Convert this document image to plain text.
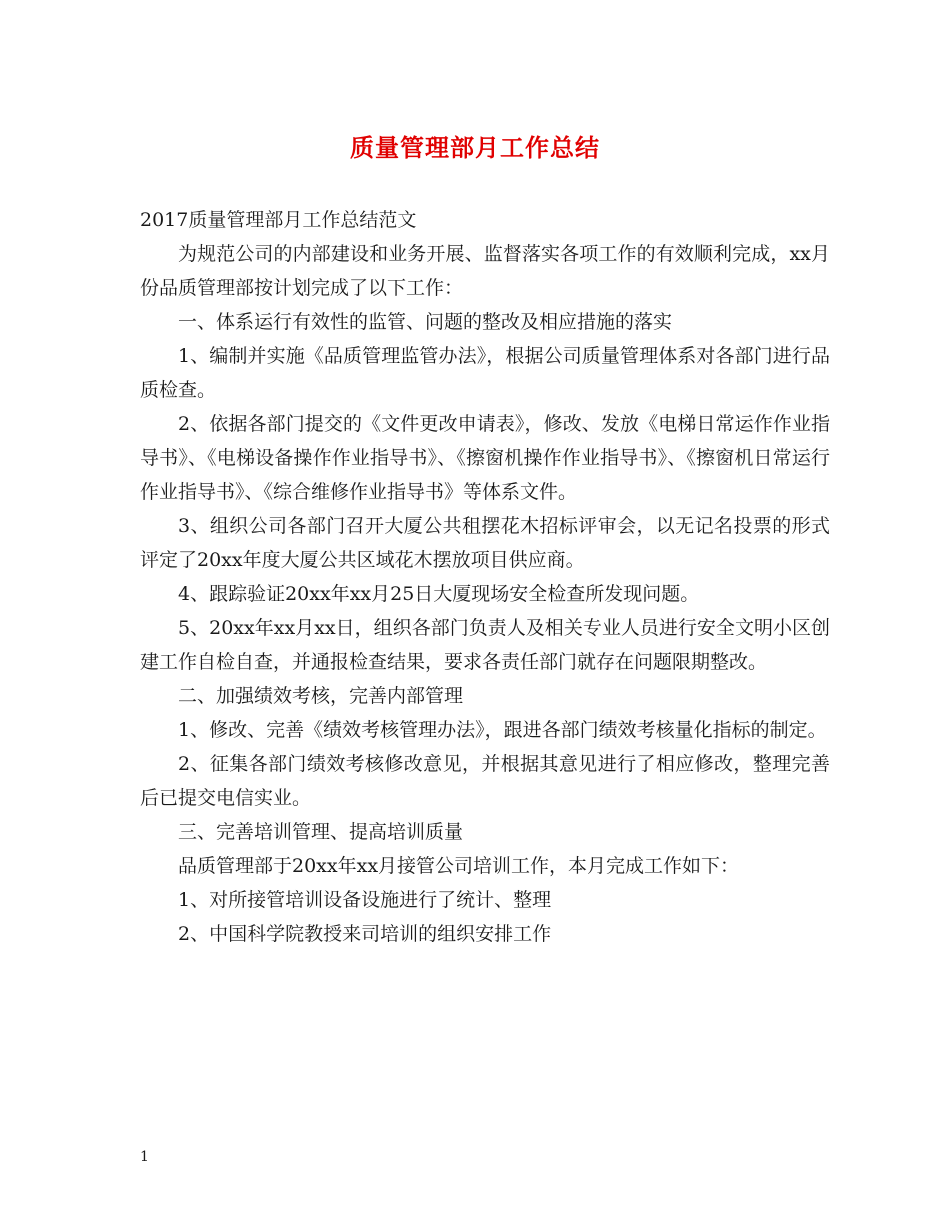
质量管理部月工作总结

2017质量管理部月工作总结范文

为规范公司的内部建设和业务开展、监督落实各项工作的有效顺利完成，xx月份品质管理部按计划完成了以下工作：

一、体系运行有效性的监管、问题的整改及相应措施的落实

1、编制并实施《品质管理监管办法》，根据公司质量管理体系对各部门进行品质检查。

2、依据各部门提交的《文件更改申请表》，修改、发放《电梯日常运作作业指导书》、《电梯设备操作作业指导书》、《擦窗机操作作业指导书》、《擦窗机日常运行作业指导书》、《综合维修作业指导书》等体系文件。

3、组织公司各部门召开大厦公共租摆花木招标评审会，以无记名投票的形式评定了20xx年度大厦公共区域花木摆放项目供应商。

4、跟踪验证20xx年xx月25日大厦现场安全检查所发现问题。

5、20xx年xx月xx日，组织各部门负责人及相关专业人员进行安全文明小区创建工作自检自查，并通报检查结果，要求各责任部门就存在问题限期整改。

二、加强绩效考核，完善内部管理

1、修改、完善《绩效考核管理办法》，跟进各部门绩效考核量化指标的制定。

2、征集各部门绩效考核修改意见，并根据其意见进行了相应修改，整理完善后已提交电信实业。

三、完善培训管理、提高培训质量

品质管理部于20xx年xx月接管公司培训工作，本月完成工作如下：

1、对所接管培训设备设施进行了统计、整理

2、中国科学院教授来司培训的组织安排工作

1
